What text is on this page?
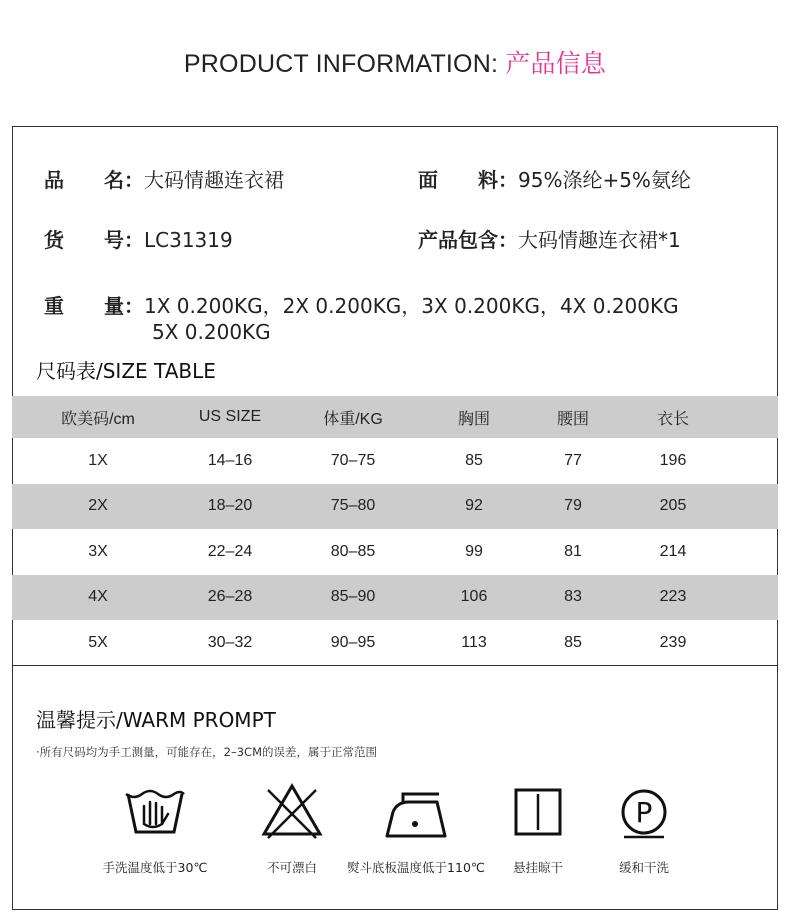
PRODUCT INFORMATION: 产品信息
品　　名：大码情趣连衣裙	面　　料：95%涤纶+5%氨纶
货　　号：LC31319	产品包含：大码情趣连衣裙*1
重　　量：1X 0.200KG，2X 0.200KG，3X 0.200KG，4X 0.200KG
5X 0.200KG
尺码表/SIZE TABLE
欧美码/cm	US SIZE	体重/KG	胸围	腰围	衣长	
1X	14–16	70–75	85	77	196	
2X	18–20	75–80	92	79	205	
3X	22–24	80–85	99	81	214	
4X	26–28	85–90	106	83	223	
5X	30–32	90–95	113	85	239	
温馨提示/WARM PROMPT
·所有尺码均为手工测量，可能存在，2–3CM的误差，属于正常范围
手洗温度低于30℃	不可漂白 熨斗底板温度低于110℃ 悬挂晾干
P
缓和干洗
